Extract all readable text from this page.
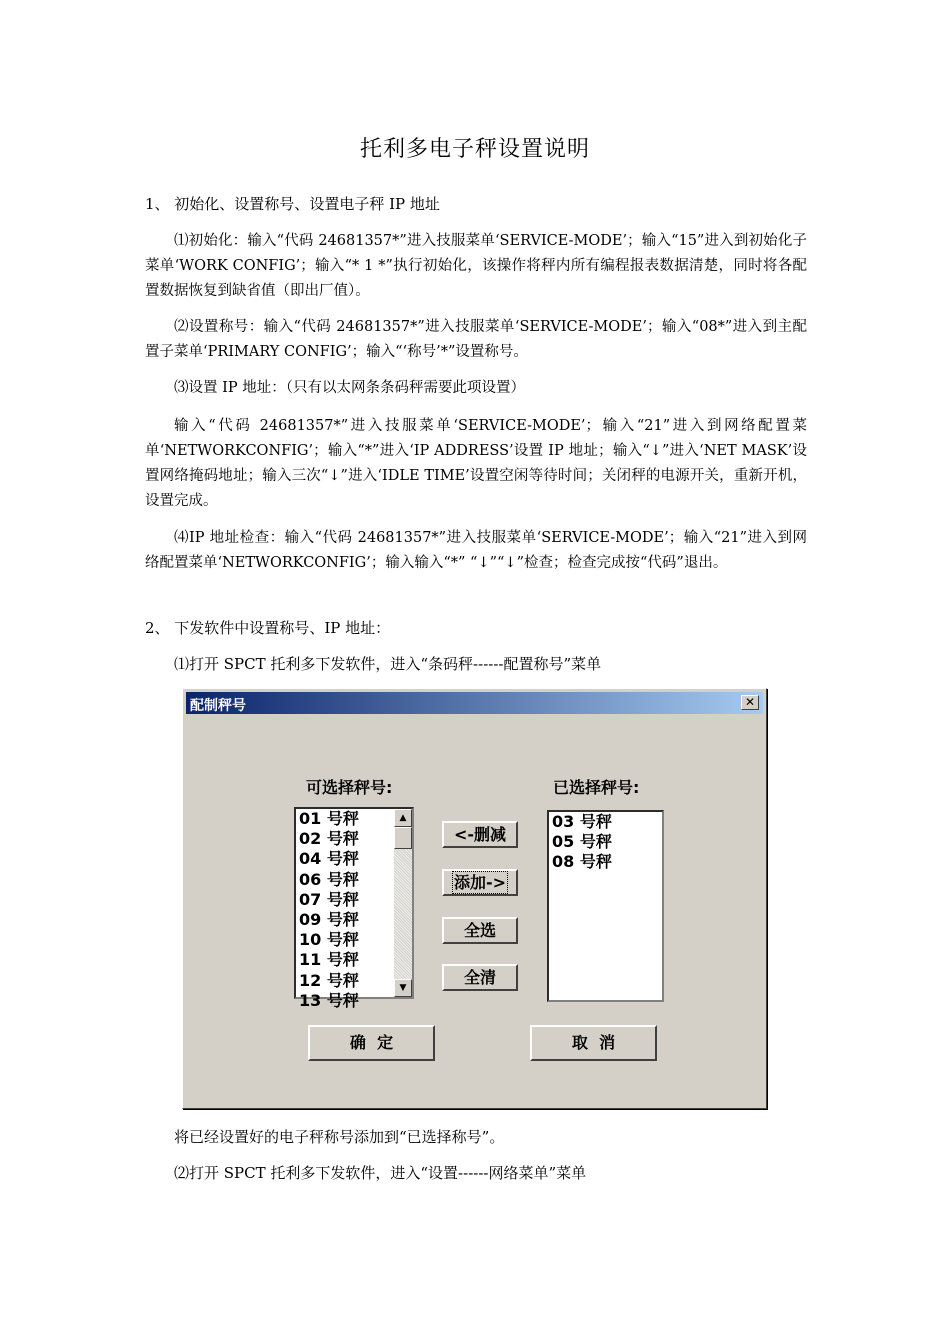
托利多电子秤设置说明
1、 初始化、设置称号、设置电子秤 IP 地址
⑴初始化：输入“代码 24681357*”进入技服菜单‘SERVICE-MODE’；输入“15”进入到初始化子菜单‘WORK CONFIG’；输入“* 1 *”执行初始化，该操作将秤内所有编程报表数据清楚，同时将各配置数据恢复到缺省值（即出厂值）。
⑵设置称号：输入“代码 24681357*”进入技服菜单‘SERVICE-MODE’；输入“08*”进入到主配置子菜单‘PRIMARY CONFIG’；输入“‘称号’*”设置称号。
⑶设置 IP 地址：（只有以太网条条码秤需要此项设置）
输入“代码 24681357*”进入技服菜单‘SERVICE-MODE’；输入“21”进入到网络配置菜单‘NETWORKCONFIG’；输入“*”进入‘IP ADDRESS’设置 IP 地址；输入“↓”进入‘NET MASK’设置网络掩码地址；输入三次“↓”进入‘IDLE TIME’设置空闲等待时间；关闭秤的电源开关，重新开机，设置完成。
⑷IP 地址检查：输入“代码 24681357*”进入技服菜单‘SERVICE-MODE’；输入“21”进入到网络配置菜单‘NETWORKCONFIG’；输入输入“*” “↓”“↓”检查；检查完成按“代码”退出。
2、 下发软件中设置称号、IP 地址：
⑴打开 SPCT 托利多下发软件，进入“条码秤------配置称号”菜单
配制秤号	✕
可选择秤号:	已选择秤号:
01 号秤
02 号秤
04 号秤
06 号秤
07 号秤
09 号秤
10 号秤
11 号秤
12 号秤
13 号秤
▲
▼
03 号秤
05 号秤
08 号秤
<-删减
添加->
全选
全清
确  定	取  消
将已经设置好的电子秤称号添加到“已选择称号”。
⑵打开 SPCT 托利多下发软件，进入“设置------网络菜单”菜单
